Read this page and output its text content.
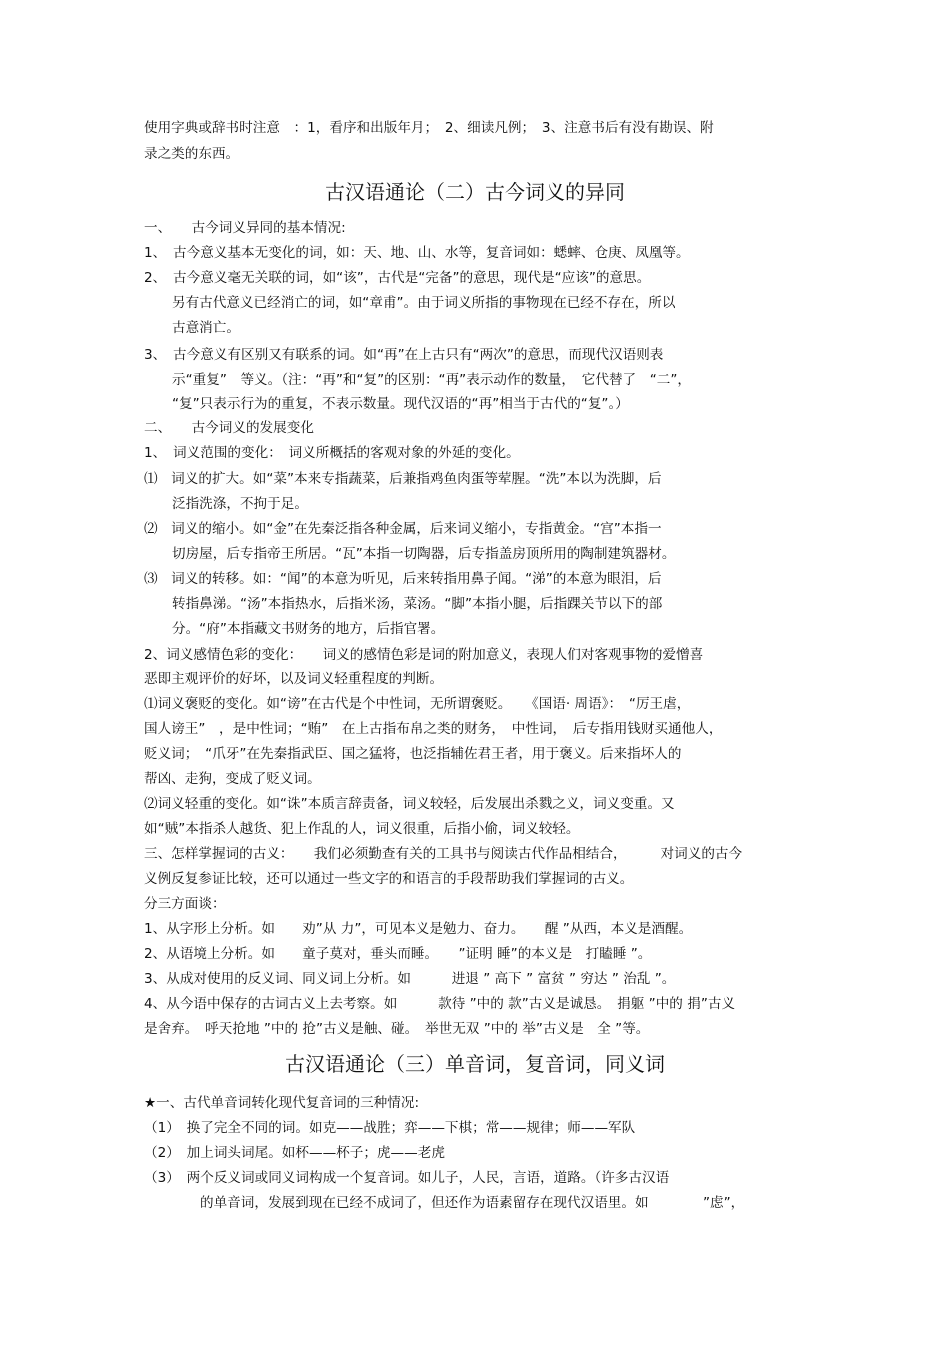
使用字典或辞书时注意　：1，看序和出版年月；　2、细读凡例；　3、注意书后有没有勘误、附
录之类的东西。
古汉语通论（二）古今词义的异同
一、　　古今词义异同的基本情况:
1、　古今意义基本无变化的词，如：天、地、山、水等，复音词如：蟋蟀、仓庚、凤凰等。
2、　古今意义毫无关联的词，如“该”，古代是“完备”的意思，现代是“应该”的意思。
另有古代意义已经消亡的词，如“章甫”。由于词义所指的事物现在已经不存在，所以
古意消亡。
3、　古今意义有区别又有联系的词。如“再”在上古只有“两次”的意思，而现代汉语则表
示“重复”　等义。（注：“再”和“复”的区别：“再”表示动作的数量，　它代替了　“二”，
“复”只表示行为的重复，不表示数量。现代汉语的“再”相当于古代的“复”。）
二、　　古今词义的发展变化
1、　词义范围的变化：　词义所概括的客观对象的外延的变化。
⑴　词义的扩大。如“菜”本来专指蔬菜，后兼指鸡鱼肉蛋等荤腥。“洗”本以为洗脚，后
泛指洗涤，不拘于足。
⑵　词义的缩小。如“金”在先秦泛指各种金属，后来词义缩小，专指黄金。“宫”本指一
切房屋，后专指帝王所居。“瓦”本指一切陶器，后专指盖房顶所用的陶制建筑器材。
⑶　词义的转移。如：“闻”的本意为听见，后来转指用鼻子闻。“涕”的本意为眼泪，后
转指鼻涕。“汤”本指热水，后指米汤，菜汤。“脚”本指小腿，后指踝关节以下的部
分。“府”本指藏文书财务的地方，后指官署。
2、词义感情色彩的变化：　　词义的感情色彩是词的附加意义，表现人们对客观事物的爱憎喜
恶即主观评价的好坏，以及词义轻重程度的判断。
⑴词义褒贬的变化。如“谤”在古代是个中性词，无所谓褒贬。　　《国语· 周语》：　“厉王虐，
国人谤王”　，是中性词；“贿”　在上古指布帛之类的财务，　中性词，　后专指用钱财买通他人，
贬义词；　“爪牙”在先秦指武臣、国之猛将，也泛指辅佐君王者，用于褒义。后来指坏人的
帮凶、走狗，变成了贬义词。
⑵词义轻重的变化。如“诛”本质言辞责备，词义较轻，后发展出杀戮之义，词义变重。又
如“贼”本指杀人越货、犯上作乱的人，词义很重，后指小偷，词义较轻。
三、怎样掌握词的古义：　　我们必须勤查有关的工具书与阅读古代作品相结合，　　　对词义的古今
义例反复参证比较，还可以通过一些文字的和语言的手段帮助我们掌握词的古义。
分三方面谈：
1、从字形上分析。如　　劝”从 力”，可见本义是勉力、奋力。　　醒 ”从西，本义是酒醒。
2、从语境上分析。如　　童子莫对，垂头而睡。　　”证明 睡”的本义是　打瞌睡 ”。
3、从成对使用的反义词、同义词上分析。如　　　进退 ” 高下 ” 富贫 ” 穷达 ” 治乱 ”。
4、从今语中保存的古词古义上去考察。如　　　款待 ”中的 款”古义是诚恳。　捐躯 ”中的 捐”古义
是舍弃。　呼天抢地 ”中的 抢”古义是触、碰。　举世无双 ”中的 举”古义是　全 ”等。
古汉语通论（三）单音词，复音词，同义词
★一、古代单音词转化现代复音词的三种情况:
（1）　换了完全不同的词。如克——战胜；弈——下棋；常——规律；师——军队
（2）　加上词头词尾。如杯——杯子；虎——老虎
（3）　两个反义词或同义词构成一个复音词。如儿子，人民，言语，道路。（许多古汉语
的单音词，发展到现在已经不成词了，但还作为语素留存在现代汉语里。如　　　　”虑”，
